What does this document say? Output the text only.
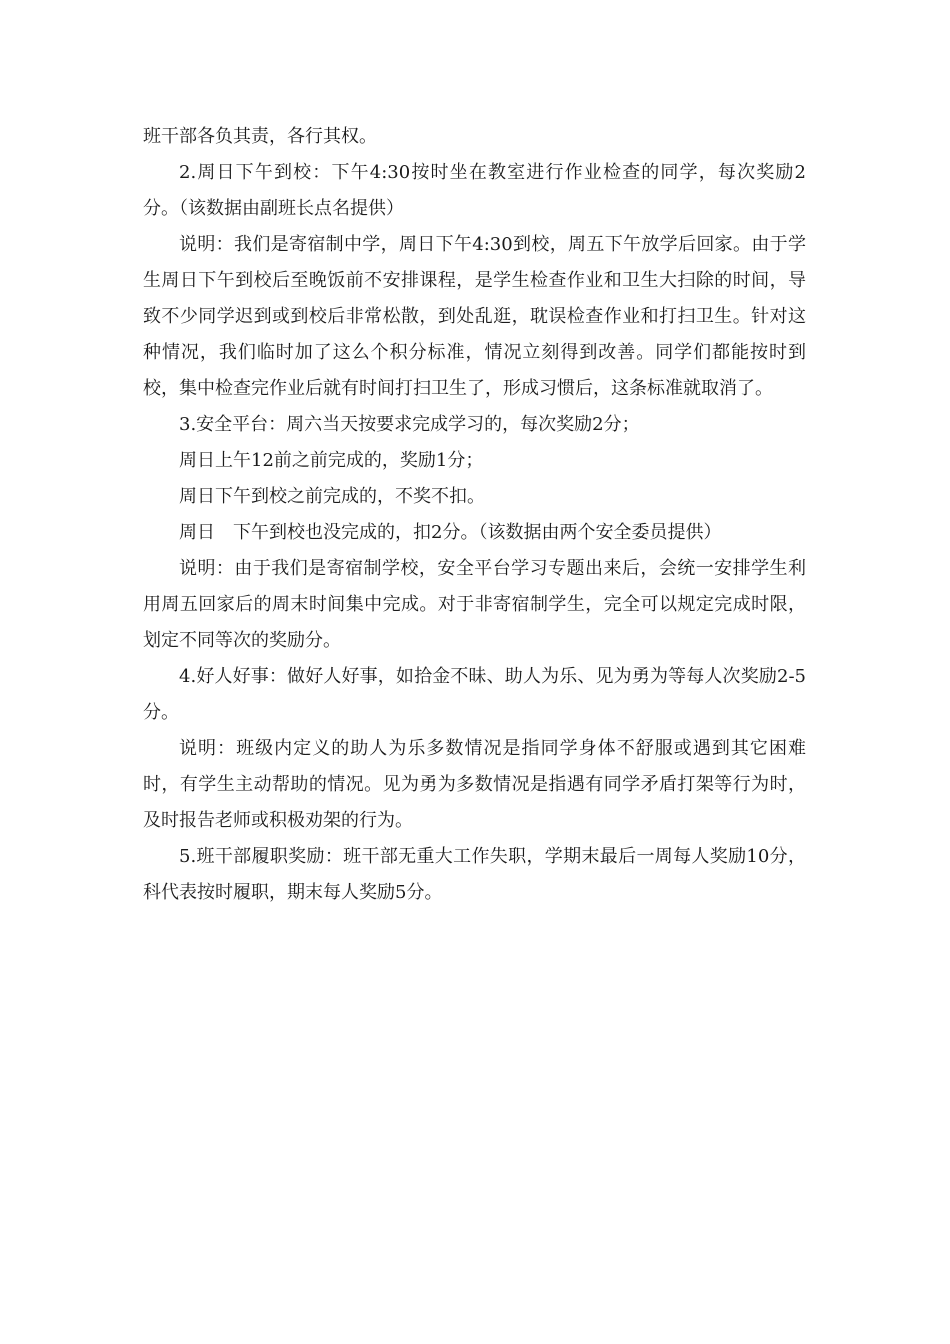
班干部各负其责，各行其权。

2.周日下午到校：下午4:30按时坐在教室进行作业检查的同学，每次奖励2分。（该数据由副班长点名提供）

说明：我们是寄宿制中学，周日下午4:30到校，周五下午放学后回家。由于学生周日下午到校后至晚饭前不安排课程，是学生检查作业和卫生大扫除的时间，导致不少同学迟到或到校后非常松散，到处乱逛，耽误检查作业和打扫卫生。针对这种情况，我们临时加了这么个积分标准，情况立刻得到改善。同学们都能按时到校，集中检查完作业后就有时间打扫卫生了，形成习惯后，这条标准就取消了。

3.安全平台：周六当天按要求完成学习的，每次奖励2分；

周日上午12前之前完成的，奖励1分；

周日下午到校之前完成的，不奖不扣。

周日　下午到校也没完成的，扣2分。（该数据由两个安全委员提供）

说明：由于我们是寄宿制学校，安全平台学习专题出来后，会统一安排学生利用周五回家后的周末时间集中完成。对于非寄宿制学生，完全可以规定完成时限，划定不同等次的奖励分。

4.好人好事：做好人好事，如拾金不昧、助人为乐、见为勇为等每人次奖励2-5分。

说明：班级内定义的助人为乐多数情况是指同学身体不舒服或遇到其它困难时，有学生主动帮助的情况。见为勇为多数情况是指遇有同学矛盾打架等行为时，及时报告老师或积极劝架的行为。

5.班干部履职奖励：班干部无重大工作失职，学期末最后一周每人奖励10分，科代表按时履职，期末每人奖励5分。
